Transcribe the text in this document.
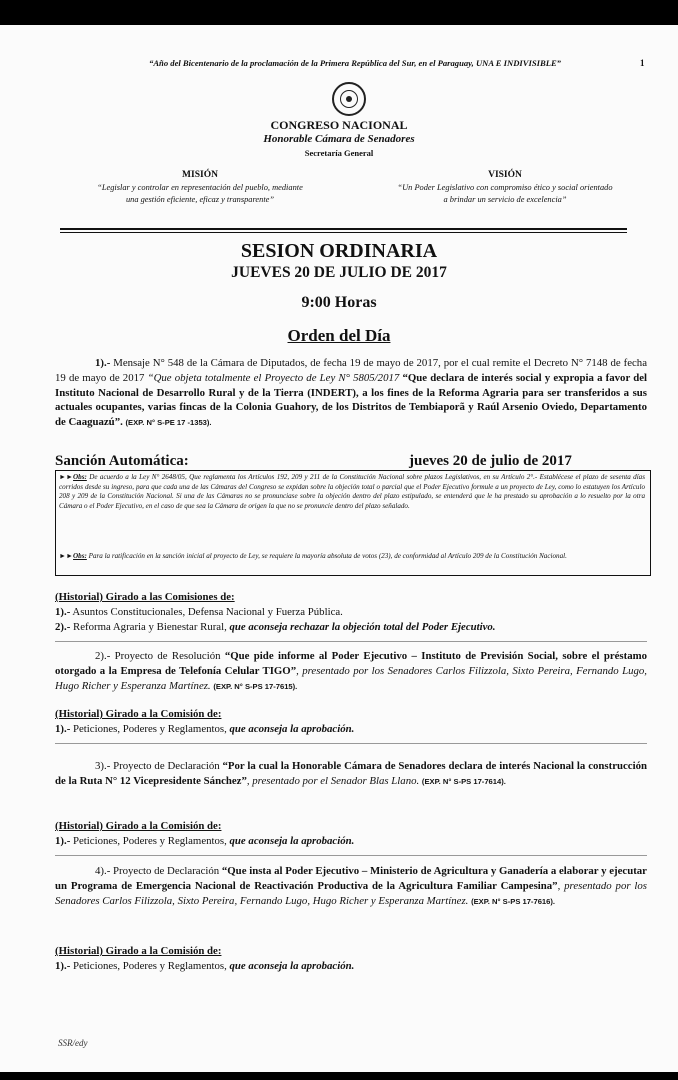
“Año del Bicentenario de la proclamación de la Primera República del Sur, en el Paraguay, UNA E INDIVISIBLE”	1
CONGRESO NACIONAL
Honorable Cámara de Senadores
Secretaría General
MISIÓN
“Legislar y controlar en representación del pueblo, mediante una gestión eficiente, eficaz y transparente”
VISIÓN
“Un Poder Legislativo con compromiso ético y social orientado a brindar un servicio de excelencia”
SESION ORDINARIA
JUEVES 20 DE JULIO DE 2017
9:00 Horas
Orden del Día
1).- Mensaje N° 548 de la Cámara de Diputados, de fecha 19 de mayo de 2017, por el cual remite el Decreto N° 7148 de fecha 19 de mayo de 2017 “Que objeta totalmente el Proyecto de Ley N° 5805/2017 “Que declara de interés social y expropia a favor del Instituto Nacional de Desarrollo Rural y de la Tierra (INDERT), a los fines de la Reforma Agraria para ser transferidos a sus actuales ocupantes, varias fincas de la Colonia Guahory, de los Distritos de Tembiaporã y Raúl Arsenio Oviedo, Departamento de Caaguazú”. (EXP. N° S-PE 17 -1353).
Sanción Automática:	jueves 20 de julio de 2017
►►Obs: De acuerdo a la Ley N° 2648/05, Que reglamenta los Artículos 192, 209 y 211 de la Constitución Nacional sobre plazos Legislativos, en su Artículo 2°.- Establécese el plazo de sesenta días corridos desde su ingreso, para que cada una de las Cámaras del Congreso se expidan sobre la objeción total o parcial que el Poder Ejecutivo formule a un proyecto de Ley, como lo estatuyen los Artículo 208 y 209 de la Constitución Nacional. Si una de las Cámaras no se pronunciase sobre la objeción dentro del plazo estipulado, se entenderá que le ha prestado su aprobación a lo resuelto por la otra Cámara o el Poder Ejecutivo, en el caso de que sea la Cámara de origen la que no se pronuncie dentro del plazo señalado.
►►Obs: Para la ratificación en la sanción inicial al proyecto de Ley, se requiere la mayoría absoluta de votos (23), de conformidad al Artículo 209 de la Constitución Nacional.
(Historial) Girado a las Comisiones de:
1).- Asuntos Constitucionales, Defensa Nacional y Fuerza Pública.
2).- Reforma Agraria y Bienestar Rural, que aconseja rechazar la objeción total del Poder Ejecutivo.
2).- Proyecto de Resolución “Que pide informe al Poder Ejecutivo – Instituto de Previsión Social, sobre el préstamo otorgado a la Empresa de Telefonía Celular TIGO”, presentado por los Senadores Carlos Filizzola, Sixto Pereira, Fernando Lugo, Hugo Richer y Esperanza Martínez. (EXP. N° S-PS 17-7615).
(Historial) Girado a la Comisión de:
1).- Peticiones, Poderes y Reglamentos, que aconseja la aprobación.
3).- Proyecto de Declaración “Por la cual la Honorable Cámara de Senadores declara de interés Nacional la construcción de la Ruta N° 12 Vicepresidente Sánchez”, presentado por el Senador Blas Llano. (EXP. N° S-PS 17-7614).
(Historial) Girado a la Comisión de:
1).- Peticiones, Poderes y Reglamentos, que aconseja la aprobación.
4).- Proyecto de Declaración “Que insta al Poder Ejecutivo – Ministerio de Agricultura y Ganadería a elaborar y ejecutar un Programa de Emergencia Nacional de Reactivación Productiva de la Agricultura Familiar Campesina”, presentado por los Senadores Carlos Filizzola, Sixto Pereira, Fernando Lugo, Hugo Richer y Esperanza Martínez. (EXP. N° S-PS 17-7616).
(Historial) Girado a la Comisión de:
1).- Peticiones, Poderes y Reglamentos, que aconseja la aprobación.
SSR/edy
